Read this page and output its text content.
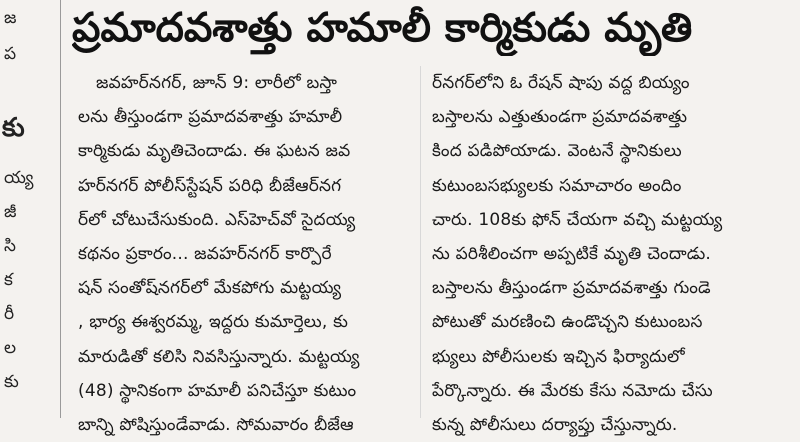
జ
ప
కు
య్య
జీ
సి
క
రీ
ల
కు
ప్రమాదవశాత్తు హమాలీ కార్మికుడు మృతి

జవహర్‌నగర్, జూన్ 9: లారీలో బస్తా

లను తీస్తుండగా ప్రమాదవశాత్తు హమాలీ

కార్మికుడు మృతిచెందాడు. ఈ ఘటన జవ

హర్‌నగర్ పోలీస్‌స్టేషన్ పరిధి బీజేఆర్‌నగ

ర్‌లో చోటుచేసుకుంది. ఎస్‌హెచ్‌వో సైదయ్య

కథనం ప్రకారం... జవహర్‌నగర్ కార్పొరే

షన్ సంతోష్‌నగర్‌లో మేకపోగు మట్టయ్య

, భార్య ఈశ్వరమ్మ, ఇద్దరు కుమార్తెలు, కు

మారుడితో కలిసి నివసిస్తున్నారు. మట్టయ్య

(48) స్థానికంగా హమాలీ పనిచేస్తూ కుటుం

బాన్ని పోషిస్తుండేవాడు. సోమవారం బీజేఆ

ర్‌నగర్‌లోని ఓ రేషన్ షాపు వద్ద బియ్యం

బస్తాలను ఎత్తుతుండగా ప్రమాదవశాత్తు

కింద పడిపోయాడు. వెంటనే స్థానికులు

కుటుంబసభ్యులకు సమాచారం అందిం

చారు. 108కు ఫోన్ చేయగా వచ్చి మట్టయ్య

ను పరిశీలించగా అప్పటికే మృతి చెందాడు.

బస్తాలను తీస్తుండగా ప్రమాదవశాత్తు గుండె

పోటుతో మరణించి ఉండొచ్చని కుటుంబస

భ్యులు పోలీసులకు ఇచ్చిన ఫిర్యాదులో

పేర్కొన్నారు. ఈ మేరకు కేసు నమోదు చేసు

కున్న పోలీసులు దర్యాప్తు చేస్తున్నారు.
